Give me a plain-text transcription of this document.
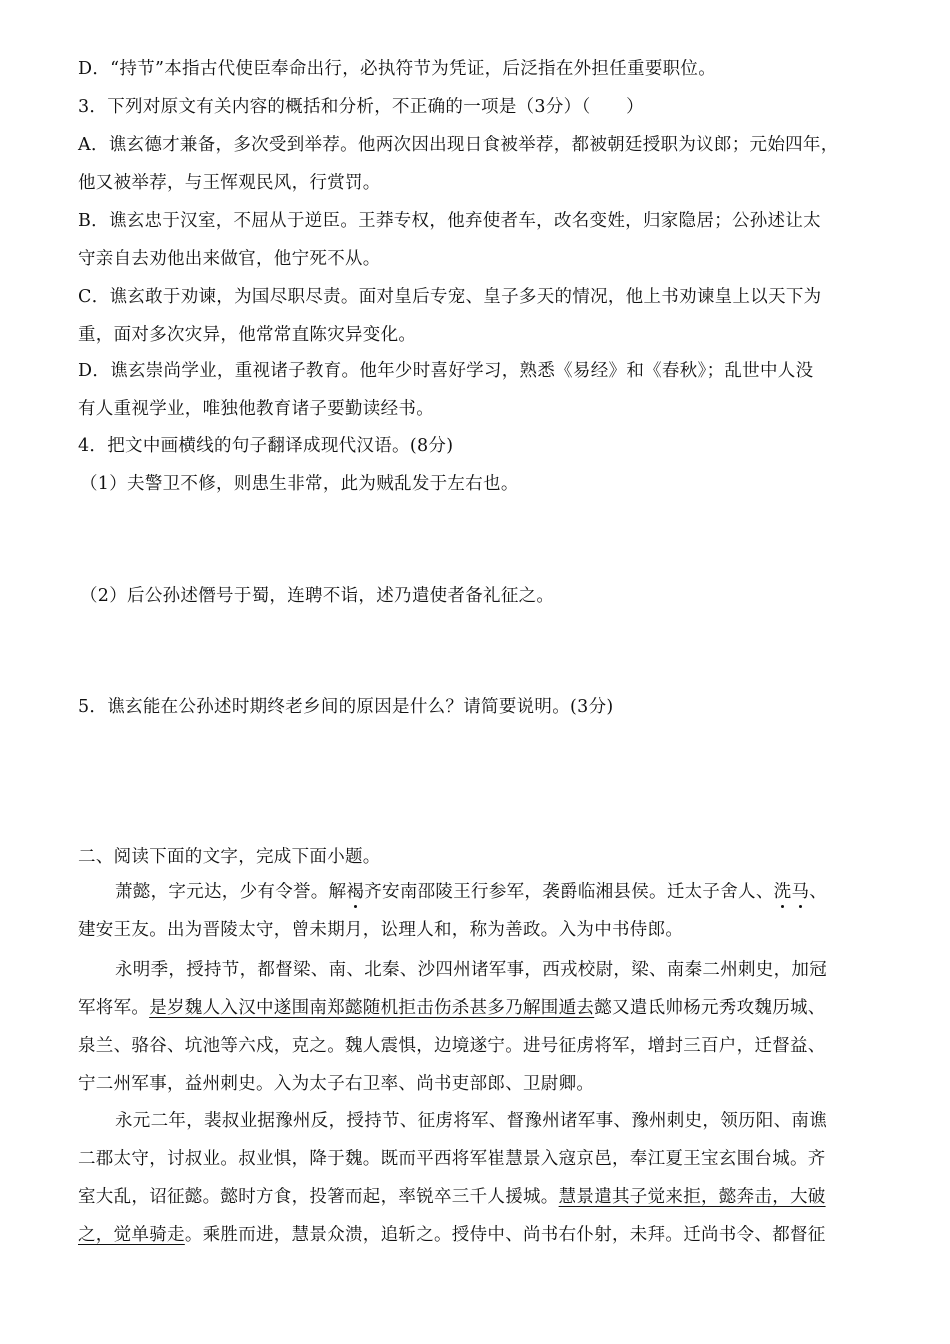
D．“持节”本指古代使臣奉命出行，必执符节为凭证，后泛指在外担任重要职位。
3．下列对原文有关内容的概括和分析，不正确的一项是（3分）（　　）
A．谯玄德才兼备，多次受到举荐。他两次因出现日食被举荐，都被朝廷授职为议郎；元始四年，
他又被举荐，与王恽观民风，行赏罚。
B．谯玄忠于汉室，不屈从于逆臣。王莽专权，他弃使者车，改名变姓，归家隐居；公孙述让太
守亲自去劝他出来做官，他宁死不从。
C．谯玄敢于劝谏，为国尽职尽责。面对皇后专宠、皇子多天的情况，他上书劝谏皇上以天下为
重，面对多次灾异，他常常直陈灾异变化。
D．谯玄崇尚学业，重视诸子教育。他年少时喜好学习，熟悉《易经》和《春秋》；乱世中人没
有人重视学业，唯独他教育诸子要勤读经书。
4．把文中画横线的句子翻译成现代汉语。(8分)
（1）夫警卫不修，则患生非常，此为贼乱发于左右也。
（2）后公孙述僭号于蜀，连聘不诣，述乃遣使者备礼征之。
5．谯玄能在公孙述时期终老乡间的原因是什么？请简要说明。(3分)
二、阅读下面的文字，完成下面小题。
萧懿，字元达，少有令誉。解褐齐安南邵陵王行参军，袭爵临湘县侯。迁太子舍人、洗马、
建安王友。出为晋陵太守，曾未期月，讼理人和，称为善政。入为中书侍郎。
永明季，授持节，都督梁、南、北秦、沙四州诸军事，西戎校尉，梁、南秦二州刺史，加冠
军将军。是岁魏人入汉中遂围南郑懿随机拒击伤杀甚多乃解围遁去懿又遣氐帅杨元秀攻魏历城、
泉兰、骆谷、坑池等六戍，克之。魏人震惧，边境遂宁。进号征虏将军，增封三百户，迁督益、
宁二州军事，益州刺史。入为太子右卫率、尚书吏部郎、卫尉卿。
永元二年，裴叔业据豫州反，授持节、征虏将军、督豫州诸军事、豫州刺史，领历阳、南谯
二郡太守，讨叔业。叔业惧，降于魏。既而平西将军崔慧景入寇京邑，奉江夏王宝玄围台城。齐
室大乱，诏征懿。懿时方食，投箸而起，率锐卒三千人援城。慧景遣其子觉来拒，懿奔击，大破
之，觉单骑走。乘胜而进，慧景众溃，追斩之。授侍中、尚书右仆射，未拜。迁尚书令、都督征
